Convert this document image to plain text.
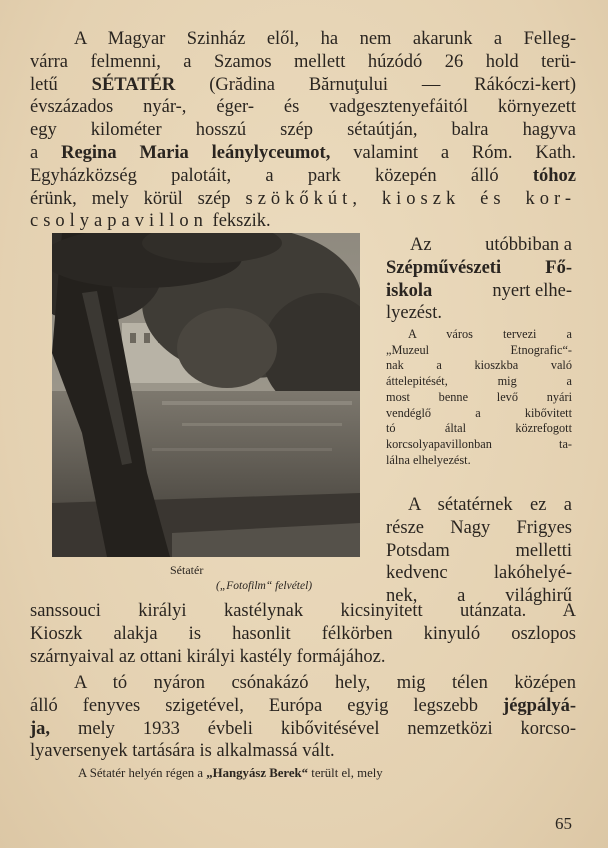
A Magyar Szinház elől, ha nem akarunk a Felleg-
várra felmenni, a Szamos mellett húzódó 26 hold terü-
letű SÉTATÉR (Grădina Bărnuţului — Rákóczi-kert)
évszázados nyár-, éger- és vadgesztenyefáitól környezett
egy kilométer hosszú szép sétaútján, balra hagyva
a Regina Maria leánylyceumot, valamint a Róm. Kath.
Egyházközség palotáit, a park közepén álló tóhoz
érünk, mely körül szép szökőkút, kioszk és kor-
csolyapavillon fekszik.
Sétatér
(„Fotofilm“ felvétel)
Az	utóbbiban a
Szépművészeti Fő-
iskola	nyert elhe-
lyezést.
A város tervezi a
„Muzeul Etnografic“-
nak a kioszkba való
áttelepitését, mig a
most benne levő nyári
vendéglő a kibővitett
tó által közrefogott
korcsolyapavillonban ta-
lálna elhelyezést.
A sétatérnek ez a
része Nagy Frigyes
Potsdam melletti
kedvenc lakóhelyé-
nek, a világhirű
sanssouci királyi kastélynak kicsinyitett utánzata. A
Kioszk alakja is hasonlit félkörben kinyuló oszlopos
szárnyaival az ottani királyi kastély formájához.
A tó nyáron csónakázó hely, mig télen középen
álló fenyves szigetével, Európa egyig legszebb jégpályá-
ja, mely 1933 évbeli kibővitésével nemzetközi korcso-
lyaversenyek tartására is alkalmassá vált.
A Sétatér helyén régen a „Hangyász Berek“ terült el, mely
65
